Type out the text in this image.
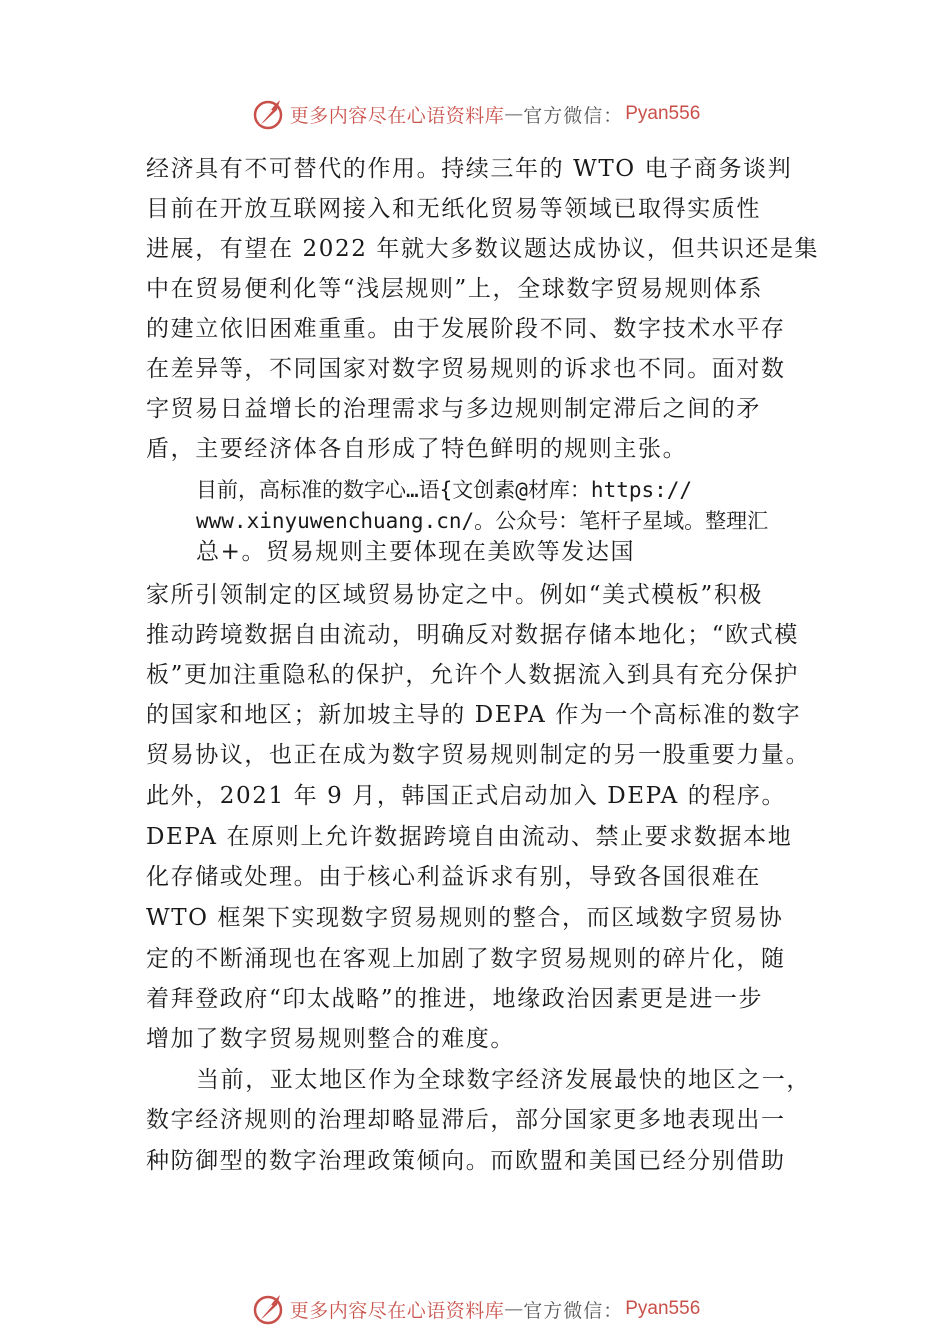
更多内容尽在心语资料库 — 官方微信： Pyan556
经济具有不可替代的作用。持续三年的 WTO 电子商务谈判
目前在开放互联网接入和无纸化贸易等领域已取得实质性
进展，有望在 2022 年就大多数议题达成协议，但共识还是集
中在贸易便利化等“浅层规则”上，全球数字贸易规则体系
的建立依旧困难重重。由于发展阶段不同、数字技术水平存
在差异等，不同国家对数字贸易规则的诉求也不同。面对数
字贸易日益增长的治理需求与多边规则制定滞后之间的矛
盾，主要经济体各自形成了特色鲜明的规则主张。
目前，高标准的数字心…语{文创素@材库：https://
www.xinyuwenchuang.cn/。公众号：笔杆子星域。整理汇
总+。贸易规则主要体现在美欧等发达国
家所引领制定的区域贸易协定之中。例如“美式模板”积极
推动跨境数据自由流动，明确反对数据存储本地化；“欧式模
板”更加注重隐私的保护，允许个人数据流入到具有充分保护
的国家和地区；新加坡主导的 DEPA 作为一个高标准的数字
贸易协议，也正在成为数字贸易规则制定的另一股重要力量。
此外，2021 年 9 月，韩国正式启动加入 DEPA 的程序。
DEPA 在原则上允许数据跨境自由流动、禁止要求数据本地
化存储或处理。由于核心利益诉求有别，导致各国很难在
WTO 框架下实现数字贸易规则的整合，而区域数字贸易协
定的不断涌现也在客观上加剧了数字贸易规则的碎片化，随
着拜登政府“印太战略”的推进，地缘政治因素更是进一步
增加了数字贸易规则整合的难度。
当前，亚太地区作为全球数字经济发展最快的地区之一，
数字经济规则的治理却略显滞后，部分国家更多地表现出一
种防御型的数字治理政策倾向。而欧盟和美国已经分别借助
更多内容尽在心语资料库 — 官方微信： Pyan556
